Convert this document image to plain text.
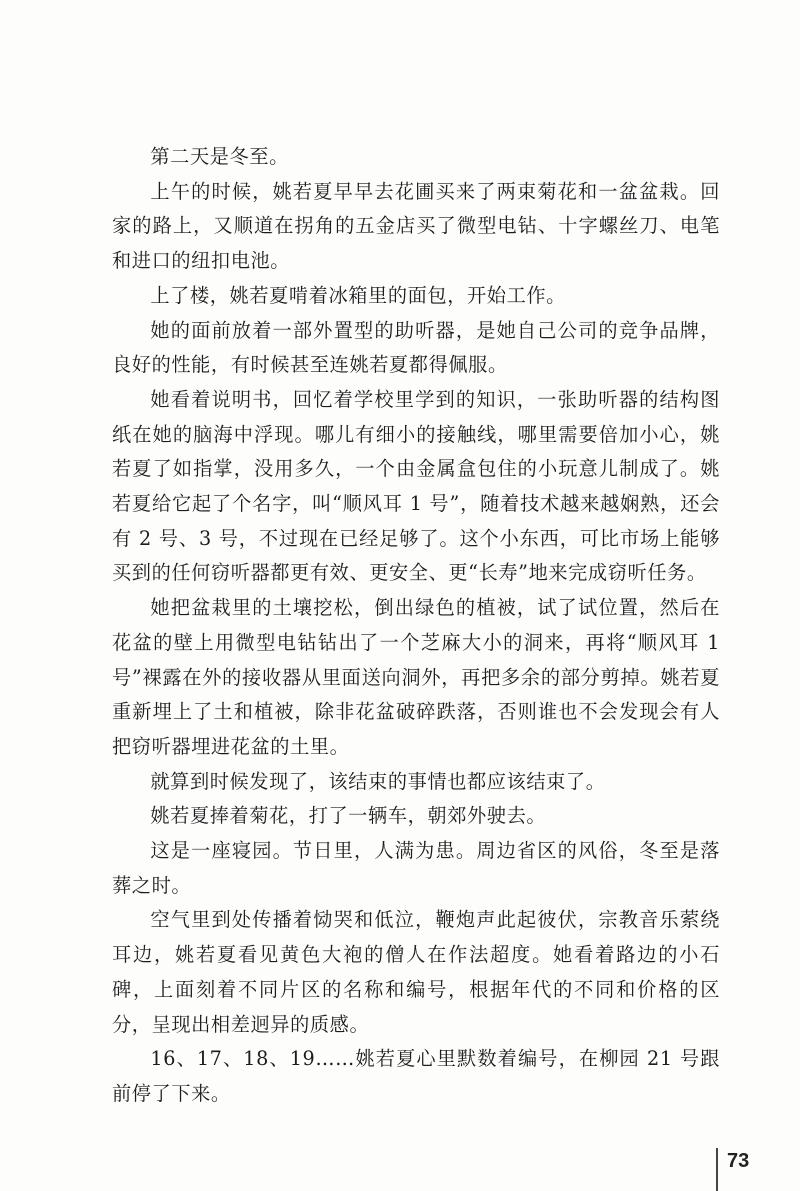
第二天是冬至。

上午的时候，姚若夏早早去花圃买来了两束菊花和一盆盆栽。回家的路上，又顺道在拐角的五金店买了微型电钻、十字螺丝刀、电笔和进口的纽扣电池。

上了楼，姚若夏啃着冰箱里的面包，开始工作。

她的面前放着一部外置型的助听器，是她自己公司的竞争品牌，良好的性能，有时候甚至连姚若夏都得佩服。

她看着说明书，回忆着学校里学到的知识，一张助听器的结构图纸在她的脑海中浮现。哪儿有细小的接触线，哪里需要倍加小心，姚若夏了如指掌，没用多久，一个由金属盒包住的小玩意儿制成了。姚若夏给它起了个名字，叫“顺风耳 1 号”，随着技术越来越娴熟，还会有 2 号、3 号，不过现在已经足够了。这个小东西，可比市场上能够买到的任何窃听器都更有效、更安全、更“长寿”地来完成窃听任务。

她把盆栽里的土壤挖松，倒出绿色的植被，试了试位置，然后在花盆的壁上用微型电钻钻出了一个芝麻大小的洞来，再将“顺风耳 1 号”裸露在外的接收器从里面送向洞外，再把多余的部分剪掉。姚若夏重新埋上了土和植被，除非花盆破碎跌落，否则谁也不会发现会有人把窃听器埋进花盆的土里。

就算到时候发现了，该结束的事情也都应该结束了。

姚若夏捧着菊花，打了一辆车，朝郊外驶去。

这是一座寝园。节日里，人满为患。周边省区的风俗，冬至是落葬之时。

空气里到处传播着恸哭和低泣，鞭炮声此起彼伏，宗教音乐萦绕耳边，姚若夏看见黄色大袍的僧人在作法超度。她看着路边的小石碑，上面刻着不同片区的名称和编号，根据年代的不同和价格的区分，呈现出相差迥异的质感。

16、17、18、19……姚若夏心里默数着编号，在柳园 21 号跟前停了下来。

73
